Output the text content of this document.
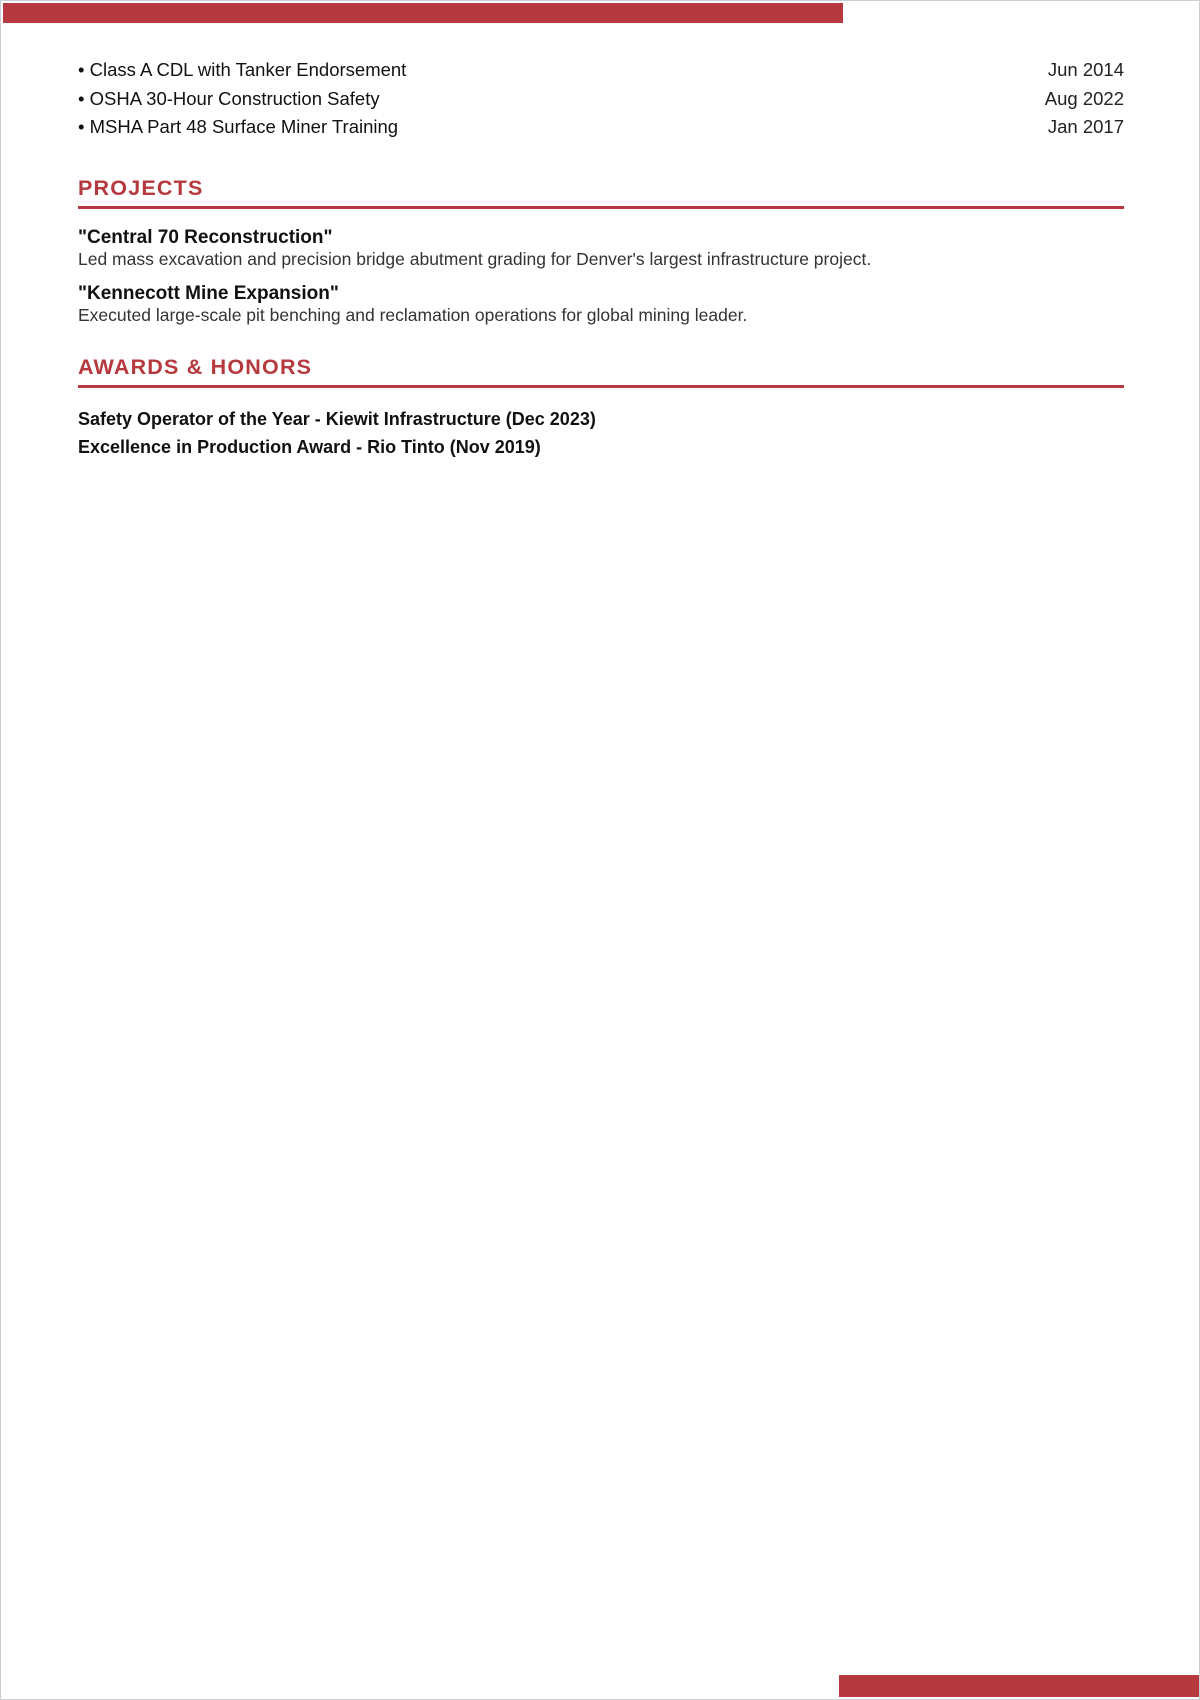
• Class A CDL with Tanker Endorsement	Jun 2014
• OSHA 30-Hour Construction Safety	Aug 2022
• MSHA Part 48 Surface Miner Training	Jan 2017
PROJECTS
"Central 70 Reconstruction"
Led mass excavation and precision bridge abutment grading for Denver's largest infrastructure project.
"Kennecott Mine Expansion"
Executed large-scale pit benching and reclamation operations for global mining leader.
AWARDS & HONORS
Safety Operator of the Year - Kiewit Infrastructure (Dec 2023)
Excellence in Production Award - Rio Tinto (Nov 2019)
